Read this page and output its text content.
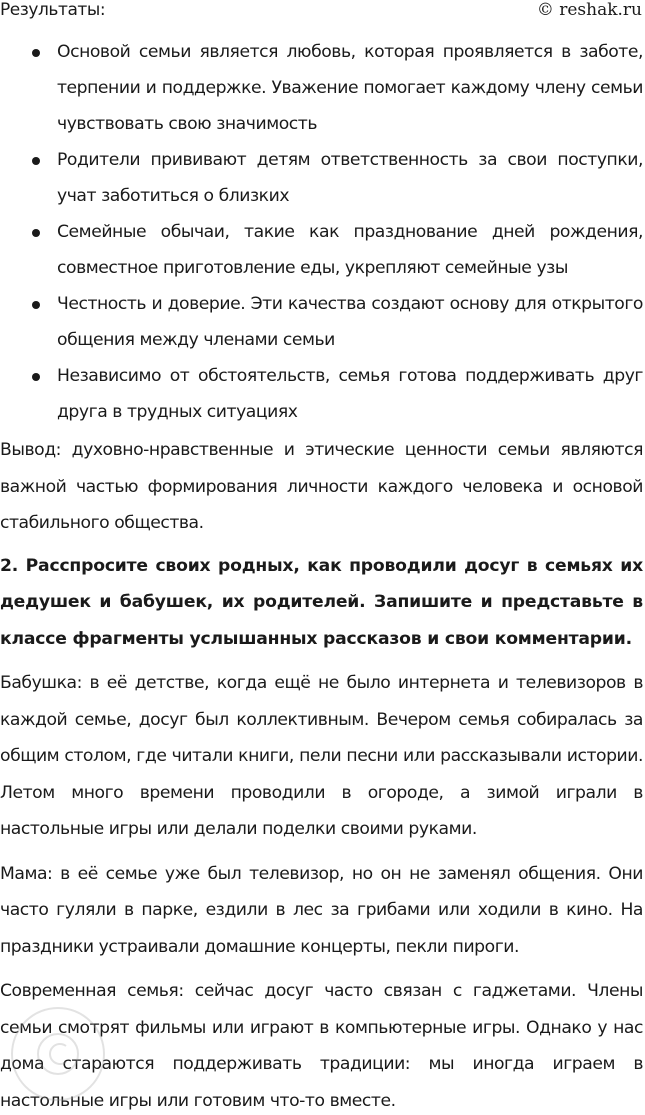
Результаты:	© reshak.ru
Основой семьи является любовь, которая проявляется в заботе, терпении и поддержке. Уважение помогает каждому члену семьи чувствовать свою значимость
Родители прививают детям ответственность за свои поступки, учат заботиться о близких
Семейные обычаи, такие как празднование дней рождения, совместное приготовление еды, укрепляют семейные узы
Честность и доверие. Эти качества создают основу для открытого общения между членами семьи
Независимо от обстоятельств, семья готова поддерживать друг друга в трудных ситуациях

Вывод: духовно-нравственные и этические ценности семьи являются важной частью формирования личности каждого человека и основой стабильного общества.

2. Расспросите своих родных, как проводили досуг в семьях их дедушек и бабушек, их родителей. Запишите и представьте в классе фрагменты услышанных рассказов и свои комментарии.

Бабушка: в её детстве, когда ещё не было интернета и телевизоров в каждой семье, досуг был коллективным. Вечером семья собиралась за общим столом, где читали книги, пели песни или рассказывали истории. Летом много времени проводили в огороде, а зимой играли в настольные игры или делали поделки своими руками.

Мама: в её семье уже был телевизор, но он не заменял общения. Они часто гуляли в парке, ездили в лес за грибами или ходили в кино. На праздники устраивали домашние концерты, пекли пироги.

Современная семья: сейчас досуг часто связан с гаджетами. Члены семьи смотрят фильмы или играют в компьютерные игры. Однако у нас дома стараются поддерживать традиции: мы иногда играем в настольные игры или готовим что-то вместе.
